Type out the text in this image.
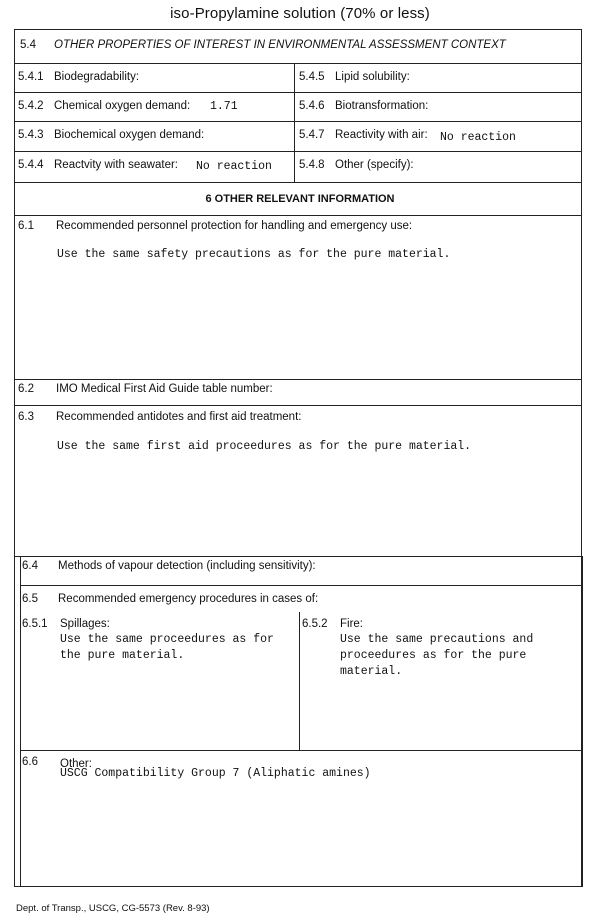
iso-Propylamine solution (70% or less)
5.4 OTHER PROPERTIES OF INTEREST IN ENVIRONMENTAL ASSESSMENT CONTEXT
5.4.1 Biodegradability:	5.4.5 Lipid solubility:
5.4.2 Chemical oxygen demand: 1.71	5.4.6 Biotransformation:
5.4.3 Biochemical oxygen demand:	5.4.7 Reactivity with air: No reaction
5.4.4 Reactvity with seawater: No reaction 5.4.8 Other (specify):
6 OTHER RELEVANT INFORMATION
6.1 Recommended personnel protection for handling and emergency use:
Use the same safety precautions as for the pure material.
6.2 IMO Medical First Aid Guide table number:
6.3 Recommended antidotes and first aid treatment:
Use the same first aid proceedures as for the pure material.
6.4 Methods of vapour detection (including sensitivity):
6.5 Recommended emergency procedures in cases of:
6.5.1 Spillages:
Use the same proceedures as for
the pure material.
6.5.2 Fire:
Use the same precautions and
proceedures as for the pure
material.
6.6 Other:
USCG Compatibility Group 7 (Aliphatic amines)
Dept. of Transp., USCG, CG-5573 (Rev. 8-93)
